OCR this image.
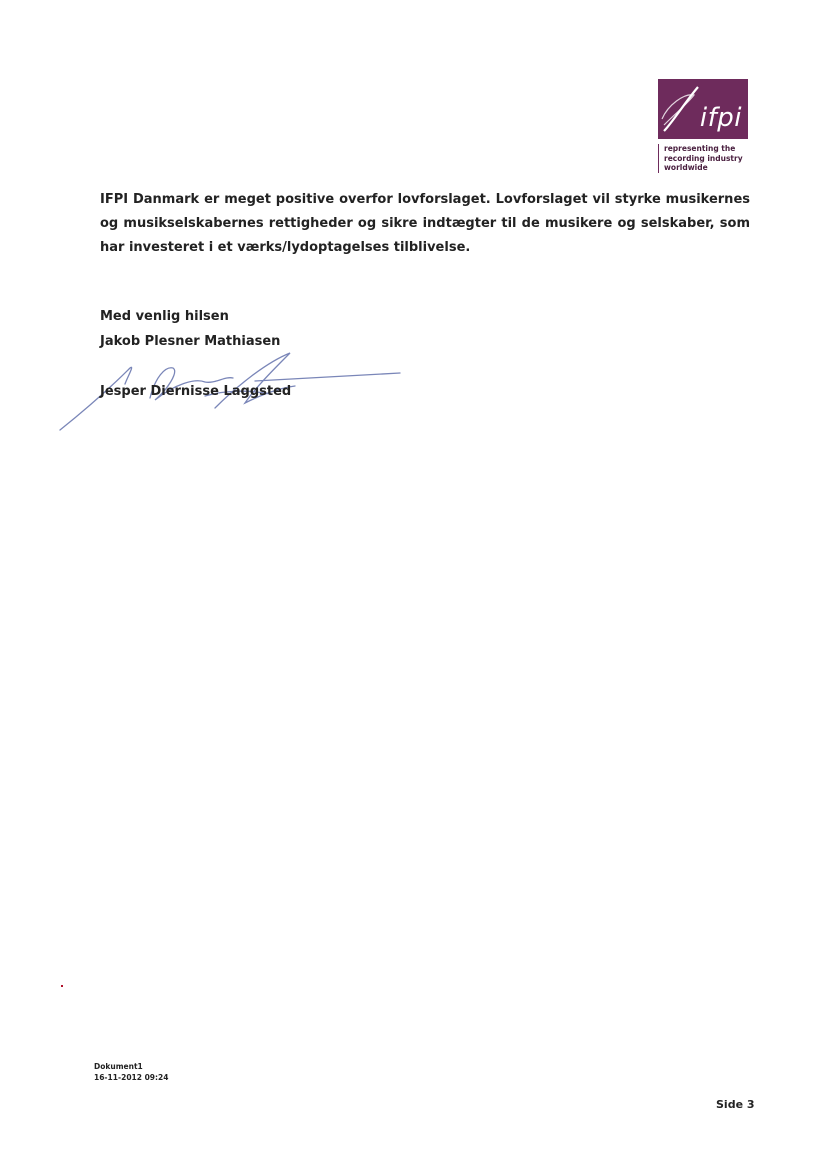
ifpi
representing the
recording industry
worldwide
IFPI Danmark er meget positive overfor lovforslaget. Lovforslaget vil styrke musikernes og musikselskabernes rettigheder og sikre indtægter til de musikere og selskaber, som har investeret i et værks/lydoptagelses tilblivelse.
Med venlig hilsen
Jakob Plesner Mathiasen
Jesper Diernisse Laggsted
Dokument1
16-11-2012 09:24
Side 3
